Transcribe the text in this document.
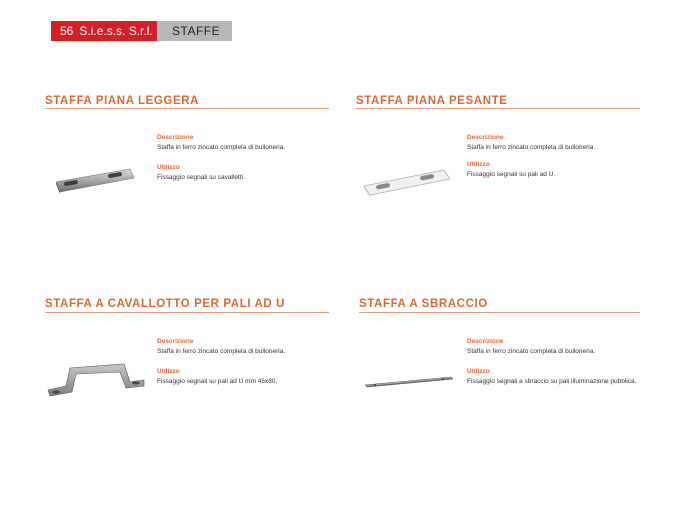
56 S.i.e.s.s. S.r.l.	STAFFE
STAFFA PIANA LEGGERA
Descrizione
Staffa in ferro zincato completa di bulloneria.
Utilizzo
Fissaggio segnali su cavalletti.
STAFFA PIANA PESANTE
Descrizione
Staffa in ferro zincato completa di bulloneria.
Utilizzo
Fissaggio segnali su pali ad U.
STAFFA A CAVALLOTTO PER PALI AD U
Descrizione
Staffa in ferro zincato completa di bulloneria.
Utilizzo
Fissaggio segnali su pali ad U mm 45x80.
STAFFA A SBRACCIO
Descrizione
Staffa in ferro zincato completa di bulloneria.
Utilizzo
Fissaggio segnali a sbraccio su pali illuminazione pubblica.
